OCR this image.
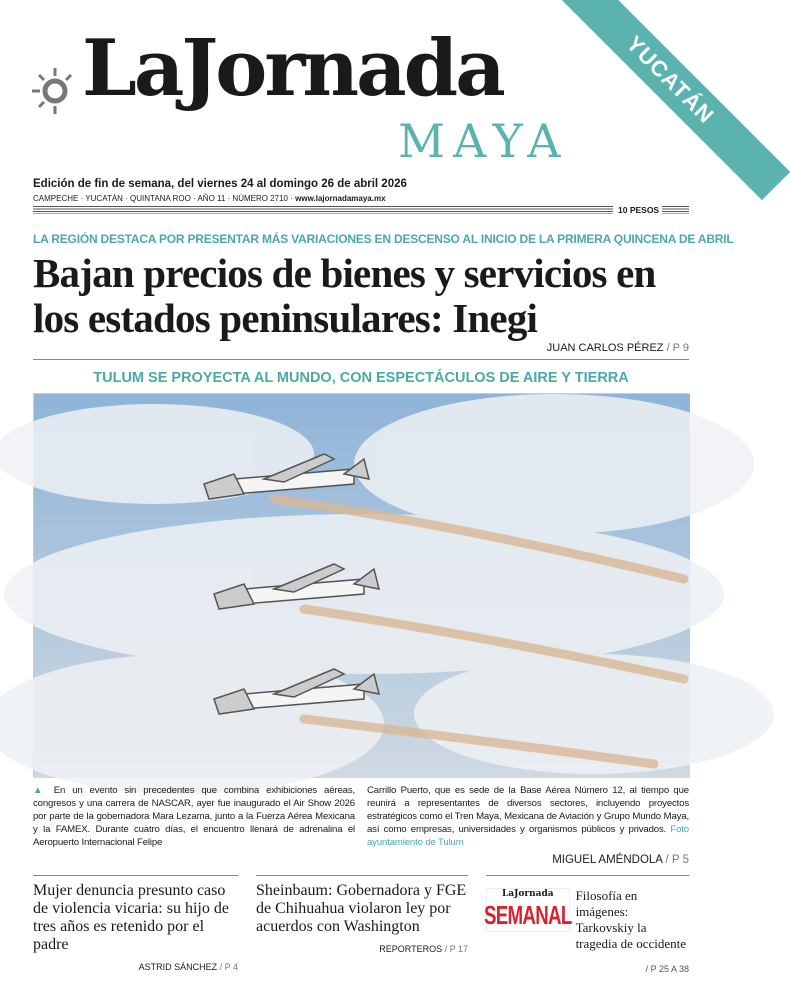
YUCATÁN
LaJornada
MAYA
Edición de fin de semana, del viernes 24 al domingo 26 de abril 2026
CAMPECHE · YUCATÁN · QUINTANA ROO · AÑO 11 · NÚMERO 2710 · www.lajornadamaya.mx
10 PESOS
LA REGIÓN DESTACA POR PRESENTAR MÁS VARIACIONES EN DESCENSO AL INICIO DE LA PRIMERA QUINCENA DE ABRIL
Bajan precios de bienes y servicios en los estados peninsulares: Inegi
JUAN CARLOS PÉREZ / P 9
TULUM SE PROYECTA AL MUNDO, CON ESPECTÁCULOS DE AIRE Y TIERRA
▲ En un evento sin precedentes que combina exhibiciones aéreas, congresos y una carrera de NASCAR, ayer fue inaugurado el Air Show 2026 por parte de la gobernadora Mara Lezama, junto a la Fuerza Aérea Mexicana y la FAMEX. Durante cuatro días, el encuentro llenará de adrenalina el Aeropuerto Internacional Felipe
Carrillo Puerto, que es sede de la Base Aérea Número 12, al tiempo que reunirá a representantes de diversos sectores, incluyendo proyectos estratégicos como el Tren Maya, Mexicana de Aviación y Grupo Mundo Maya, así como empresas, universidades y organismos públicos y privados. Foto ayuntamiento de Tulum
MIGUEL AMÉNDOLA / P 5
Mujer denuncia presunto caso de violencia vicaria: su hijo de tres años es retenido por el padre
ASTRID SÁNCHEZ / P 4
Sheinbaum: Gobernadora y FGE de Chihuahua violaron ley por acuerdos con Washington
REPORTEROS / P 17
LaJornada
SEMANAL
Filosofía en imágenes: Tarkovskiy la tragedia de occidente
/ P 25 A 38
